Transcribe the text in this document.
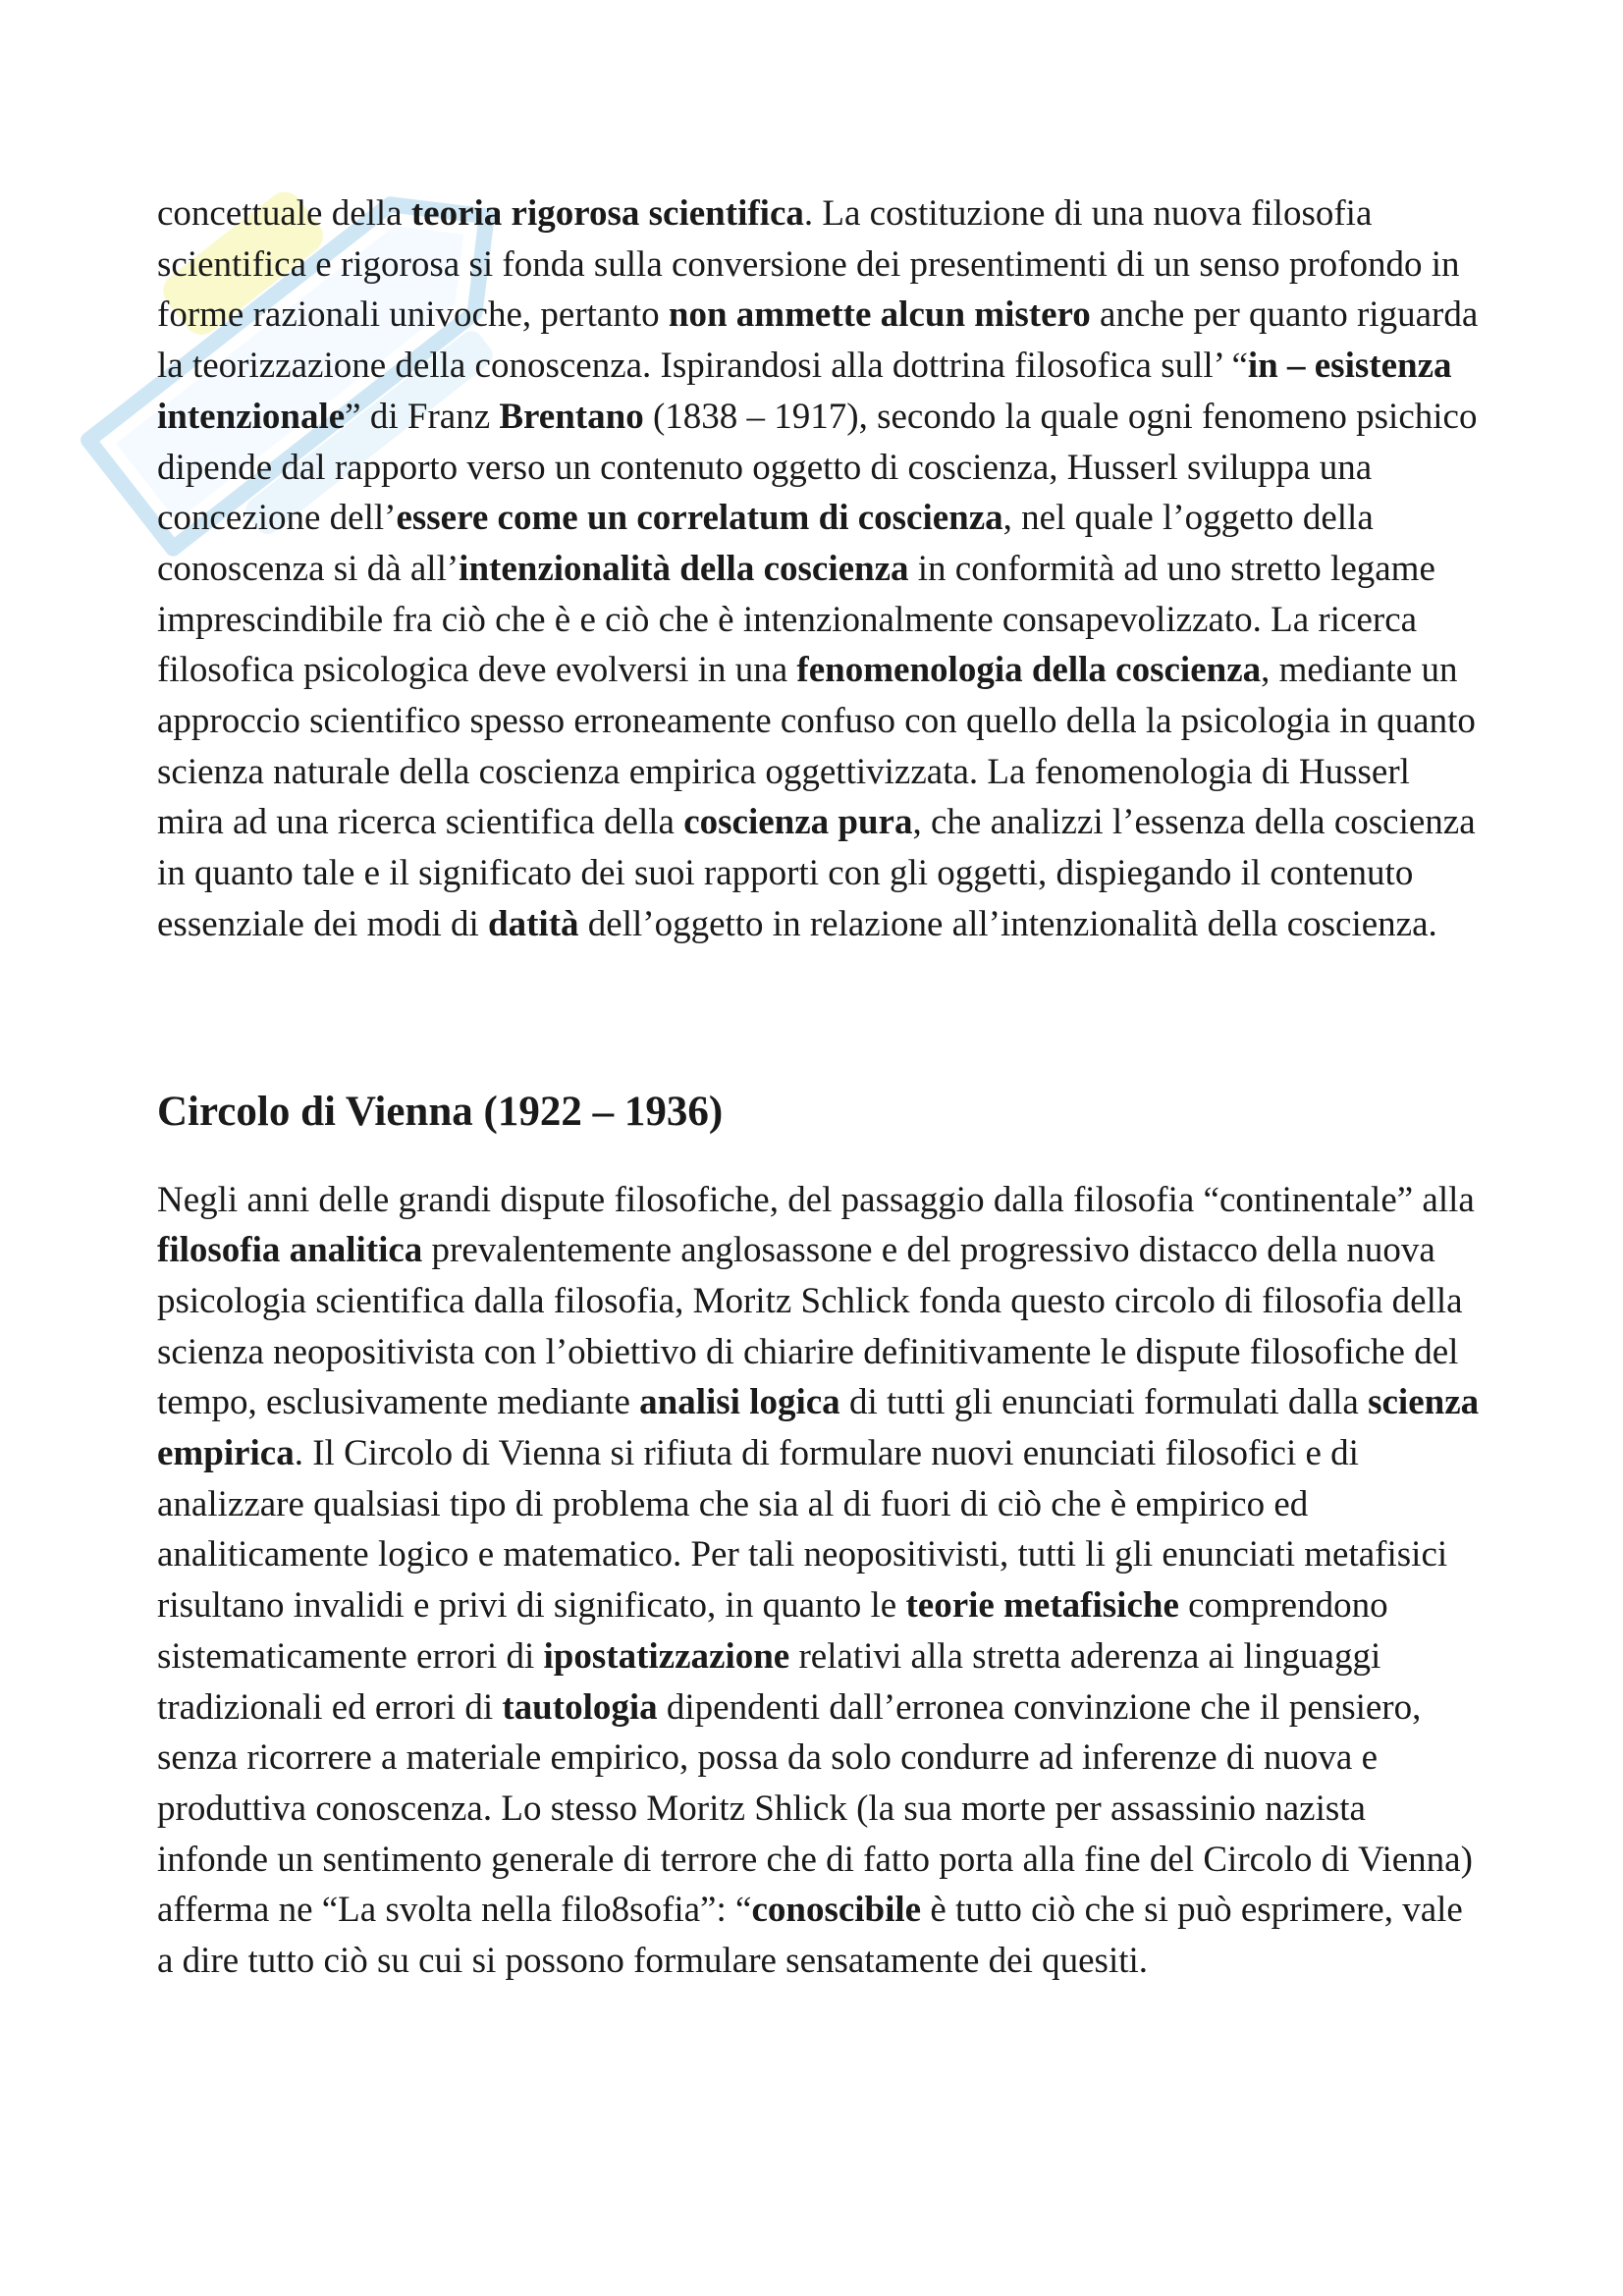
concettuale della teoria rigorosa scientifica. La costituzione di una nuova filosofia scientifica e rigorosa si fonda sulla conversione dei presentimenti di un senso profondo in forme razionali univoche, pertanto non ammette alcun mistero anche per quanto riguarda la teorizzazione della conoscenza. Ispirandosi alla dottrina filosofica sull’ “in – esistenza intenzionale” di Franz Brentano (1838 – 1917), secondo la quale ogni fenomeno psichico dipende dal rapporto verso un contenuto oggetto di coscienza, Husserl sviluppa una concezione dell’essere come un correlatum di coscienza, nel quale l’oggetto della conoscenza si dà all’intenzionalità della coscienza in conformità ad uno stretto legame imprescindibile fra ciò che è e ciò che è intenzionalmente consapevolizzato. La ricerca filosofica psicologica deve evolversi in una fenomenologia della coscienza, mediante un approccio scientifico spesso erroneamente confuso con quello della la psicologia in quanto scienza naturale della coscienza empirica oggettivizzata. La fenomenologia di Husserl mira ad una ricerca scientifica della coscienza pura, che analizzi l’essenza della coscienza in quanto tale e il significato dei suoi rapporti con gli oggetti, dispiegando il contenuto essenziale dei modi di datità dell’oggetto in relazione all’intenzionalità della coscienza.

Circolo di Vienna (1922 – 1936)

Negli anni delle grandi dispute filosofiche, del passaggio dalla filosofia “continentale” alla filosofia analitica prevalentemente anglosassone e del progressivo distacco della nuova psicologia scientifica dalla filosofia, Moritz Schlick fonda questo circolo di filosofia della scienza neopositivista con l’obiettivo di chiarire definitivamente le dispute filosofiche del tempo, esclusivamente mediante analisi logica di tutti gli enunciati formulati dalla scienza empirica. Il Circolo di Vienna si rifiuta di formulare nuovi enunciati filosofici e di analizzare qualsiasi tipo di problema che sia al di fuori di ciò che è empirico ed analiticamente logico e matematico. Per tali neopositivisti, tutti li gli enunciati metafisici risultano invalidi e privi di significato, in quanto le teorie metafisiche comprendono sistematicamente errori di ipostatizzazione relativi alla stretta aderenza ai linguaggi tradizionali ed errori di tautologia dipendenti dall’erronea convinzione che il pensiero, senza ricorrere a materiale empirico, possa da solo condurre ad inferenze di nuova e produttiva conoscenza. Lo stesso Moritz Shlick (la sua morte per assassinio nazista infonde un sentimento generale di terrore che di fatto porta alla fine del Circolo di Vienna) afferma ne “La svolta nella filo8sofia”: “conoscibile è tutto ciò che si può esprimere, vale a dire tutto ciò su cui si possono formulare sensatamente dei quesiti.
